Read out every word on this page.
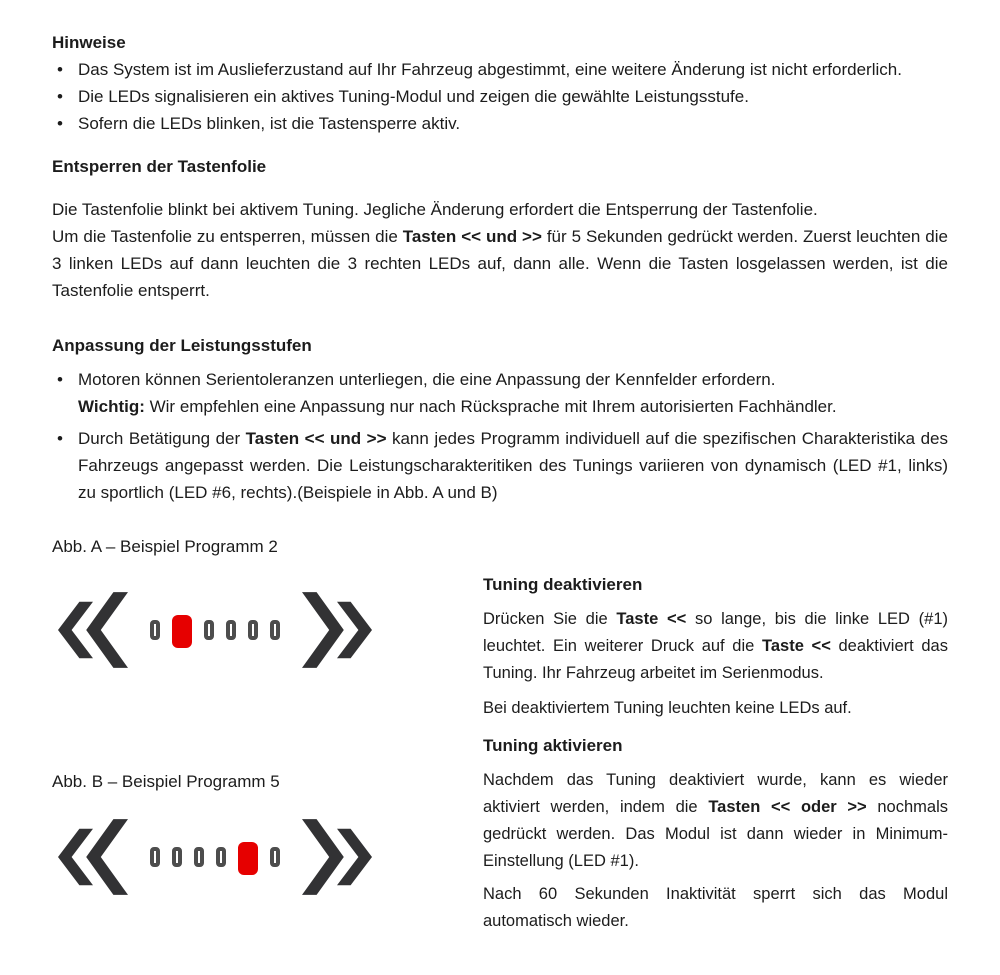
Hinweise
• Das System ist im Auslieferzustand auf Ihr Fahrzeug abgestimmt, eine weitere Änderung ist nicht erforderlich.
• Die LEDs signalisieren ein aktives Tuning-Modul und zeigen die gewählte Leistungsstufe.
• Sofern die LEDs blinken, ist die Tastensperre aktiv.
Entsperren der Tastenfolie

Die Tastenfolie blinkt bei aktivem Tuning. Jegliche Änderung erfordert die Entsperrung der Tastenfolie.

Um die Tastenfolie zu entsperren, müssen die Tasten << und >> für 5 Sekunden gedrückt werden. Zuerst leuchten die 3 linken LEDs auf dann leuchten die 3 rechten LEDs auf, dann alle. Wenn die Tasten losgelassen werden, ist die Tastenfolie entsperrt.

Anpassung der Leistungsstufen
• Motoren können Serientoleranzen unterliegen, die eine Anpassung der Kennfelder erfordern.

Wichtig: Wir empfehlen eine Anpassung nur nach Rücksprache mit Ihrem autorisierten Fachhändler.

• Durch Betätigung der Tasten << und >> kann jedes Programm individuell auf die spezifischen Charakteristika des Fahrzeugs angepasst werden. Die Leistungscharakteritiken des Tunings variieren von dynamisch (LED #1, links) zu sportlich (LED #6, rechts).(Beispiele in Abb. A und B)
Abb. A – Beispiel Programm 2
Abb. B – Beispiel Programm 5
Tuning deaktivieren

Drücken Sie die Taste << so lange, bis die linke LED (#1) leuchtet. Ein weiterer Druck auf die Taste << deaktiviert das Tuning. Ihr Fahrzeug arbeitet im Serienmodus.

Bei deaktiviertem Tuning leuchten keine LEDs auf.

Tuning aktivieren

Nachdem das Tuning deaktiviert wurde, kann es wieder aktiviert werden, indem die Tasten << oder >> nochmals gedrückt werden. Das Modul ist dann wieder in Minimum-Einstellung (LED #1).

Nach 60 Sekunden Inaktivität sperrt sich das Modul automatisch wieder.
